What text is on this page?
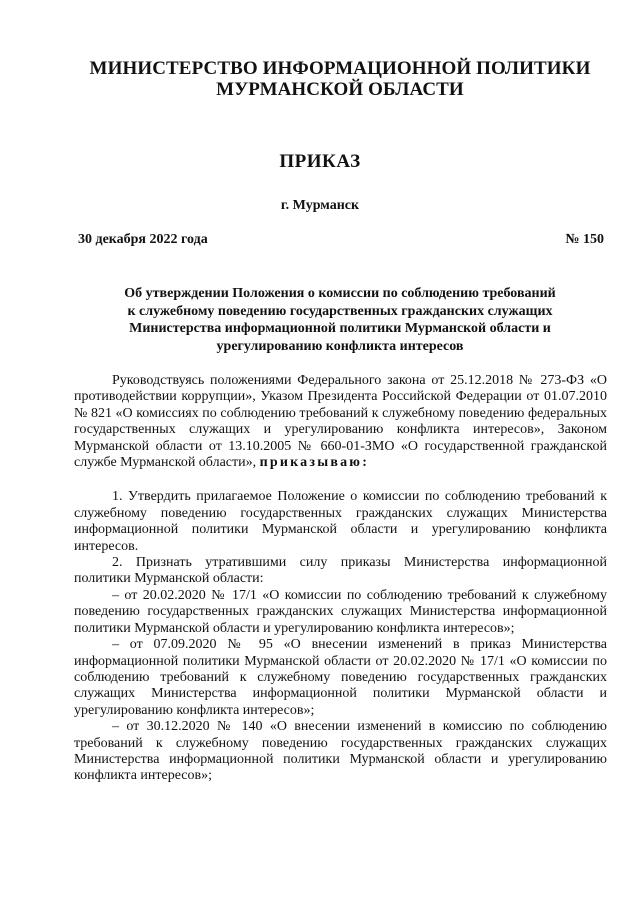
МИНИСТЕРСТВО ИНФОРМАЦИОННОЙ ПОЛИТИКИ
МУРМАНСКОЙ ОБЛАСТИ
ПРИКАЗ
г. Мурманск
30 декабря 2022 года	№ 150
Об утверждении Положения о комиссии по соблюдению требований
к служебному поведению государственных гражданских служащих
Министерства информационной политики Мурманской области и
урегулированию конфликта интересов

Руководствуясь положениями Федерального закона от 25.12.2018 № 273-ФЗ «О противодействии коррупции», Указом Президента Российской Федерации от 01.07.2010 № 821 «О комиссиях по соблюдению требований к служебному поведению федеральных государственных служащих и урегулированию конфликта интересов», Законом Мурманской области от 13.10.2005 № 660-01-ЗМО «О государственной гражданской службе Мурманской области», приказываю:

1. Утвердить прилагаемое Положение о комиссии по соблюдению требований к служебному поведению государственных гражданских служащих Министерства информационной политики Мурманской области и урегулированию конфликта интересов.

2. Признать утратившими силу приказы Министерства информационной политики Мурманской области:

– от 20.02.2020 № 17/1 «О комиссии по соблюдению требований к служебному поведению государственных гражданских служащих Министерства информационной политики Мурманской области и урегулированию конфликта интересов»;

– от 07.09.2020 № 95 «О внесении изменений в приказ Министерства информационной политики Мурманской области от 20.02.2020 № 17/1 «О комиссии по соблюдению требований к служебному поведению государственных гражданских служащих Министерства информационной политики Мурманской области и урегулированию конфликта интересов»;

– от 30.12.2020 № 140 «О внесении изменений в комиссию по соблюдению требований к служебному поведению государственных гражданских служащих Министерства информационной политики Мурманской области и урегулированию конфликта интересов»;
